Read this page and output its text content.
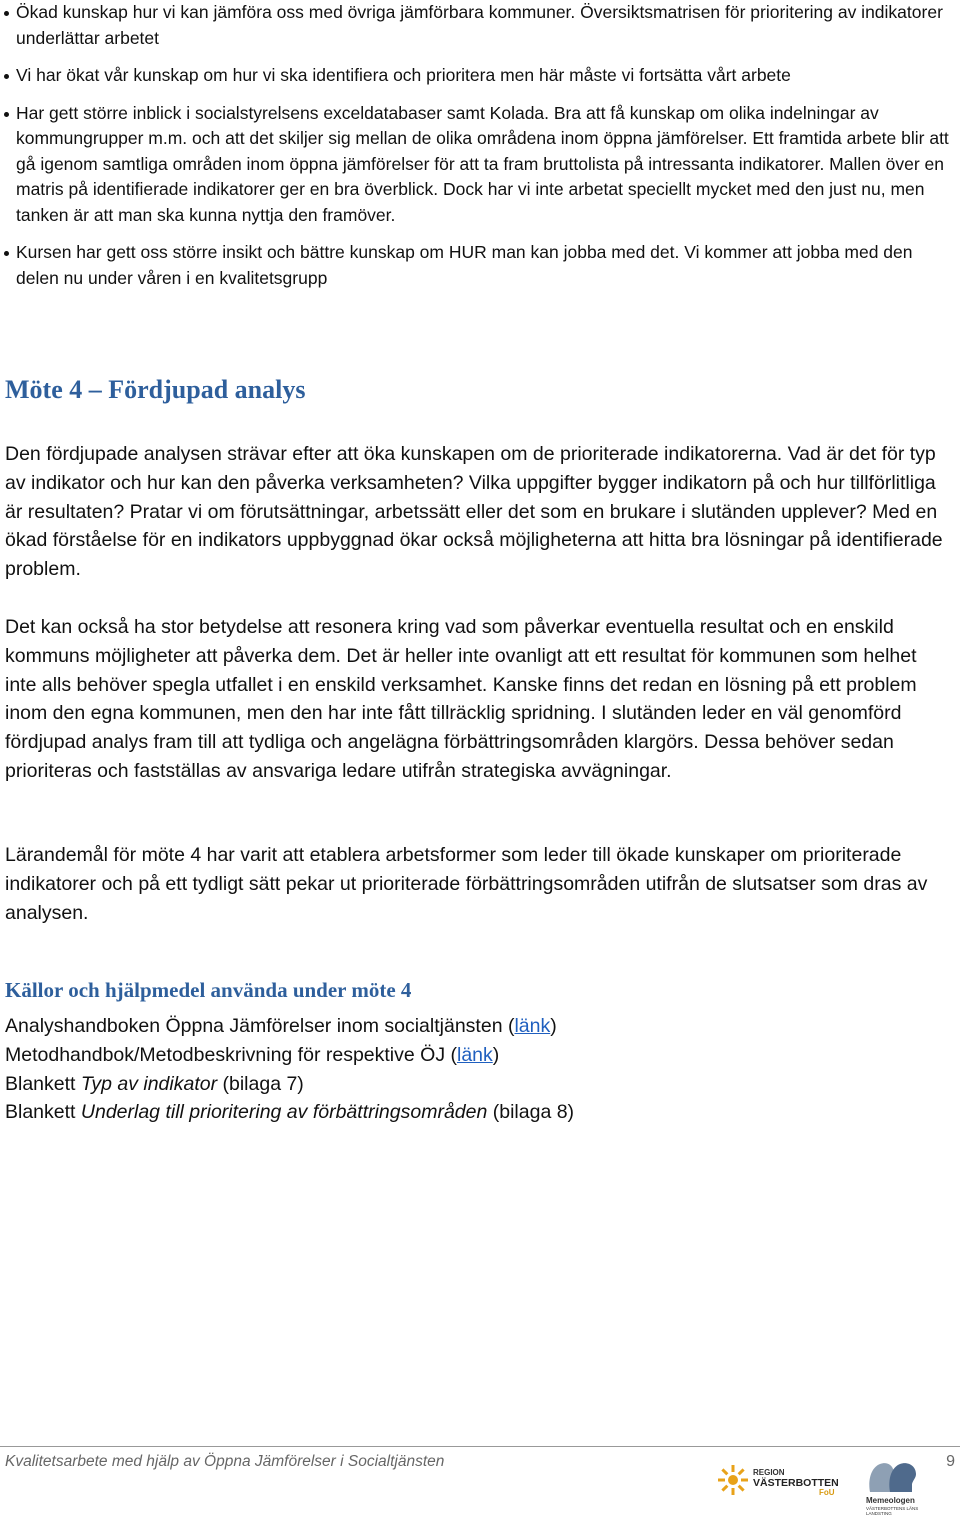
Ökad kunskap hur vi kan jämföra oss med övriga jämförbara kommuner. Översiktsmatrisen för prioritering av indikatorer underlättar arbetet
Vi har ökat vår kunskap om hur vi ska identifiera och prioritera men här måste vi fortsätta vårt arbete
Har gett större inblick i socialstyrelsens exceldatabaser samt Kolada. Bra att få kunskap om olika indelningar av kommungrupper m.m. och att det skiljer sig mellan de olika områdena inom öppna jämförelser. Ett framtida arbete blir att gå igenom samtliga områden inom öppna jämförelser för att ta fram bruttolista på intressanta indikatorer. Mallen över en matris på identifierade indikatorer ger en bra överblick. Dock har vi inte arbetat speciellt mycket med den just nu, men tanken är att man ska kunna nyttja den framöver.
Kursen har gett oss större insikt och bättre kunskap om HUR man kan jobba med det. Vi kommer att jobba med den delen nu under våren i en kvalitetsgrupp
Möte 4 – Fördjupad analys

Den fördjupade analysen strävar efter att öka kunskapen om de prioriterade indikatorerna. Vad är det för typ av indikator och hur kan den påverka verksamheten? Vilka uppgifter bygger indikatorn på och hur tillförlitliga är resultaten? Pratar vi om förutsättningar, arbetssätt eller det som en brukare i slutänden upplever? Med en ökad förståelse för en indikators uppbyggnad ökar också möjligheterna att hitta bra lösningar på identifierade problem.

Det kan också ha stor betydelse att resonera kring vad som påverkar eventuella resultat och en enskild kommuns möjligheter att påverka dem. Det är heller inte ovanligt att ett resultat för kommunen som helhet inte alls behöver spegla utfallet i en enskild verksamhet. Kanske finns det redan en lösning på ett problem inom den egna kommunen, men den har inte fått tillräcklig spridning. I slutänden leder en väl genomförd fördjupad analys fram till att tydliga och angelägna förbättringsområden klargörs. Dessa behöver sedan prioriteras och fastställas av ansvariga ledare utifrån strategiska avvägningar.

Lärandemål för möte 4 har varit att etablera arbetsformer som leder till ökade kunskaper om prioriterade
indikatorer och på ett tydligt sätt pekar ut prioriterade förbättringsområden utifrån de slutsatser som dras av analysen.

Källor och hjälpmedel använda under möte 4
Analyshandboken Öppna Jämförelser inom socialtjänsten (länk)
Metodhandbok/Metodbeskrivning för respektive ÖJ (länk)
Blankett Typ av indikator (bilaga 7)
Blankett Underlag till prioritering av förbättringsområden (bilaga 8)
Kvalitetsarbete med hjälp av Öppna Jämförelser i Socialtjänsten	9
REGION
VÄSTERBOTTEN
FoU
Memeologen
VÄSTERBOTTENS LÄNS LANDSTING
